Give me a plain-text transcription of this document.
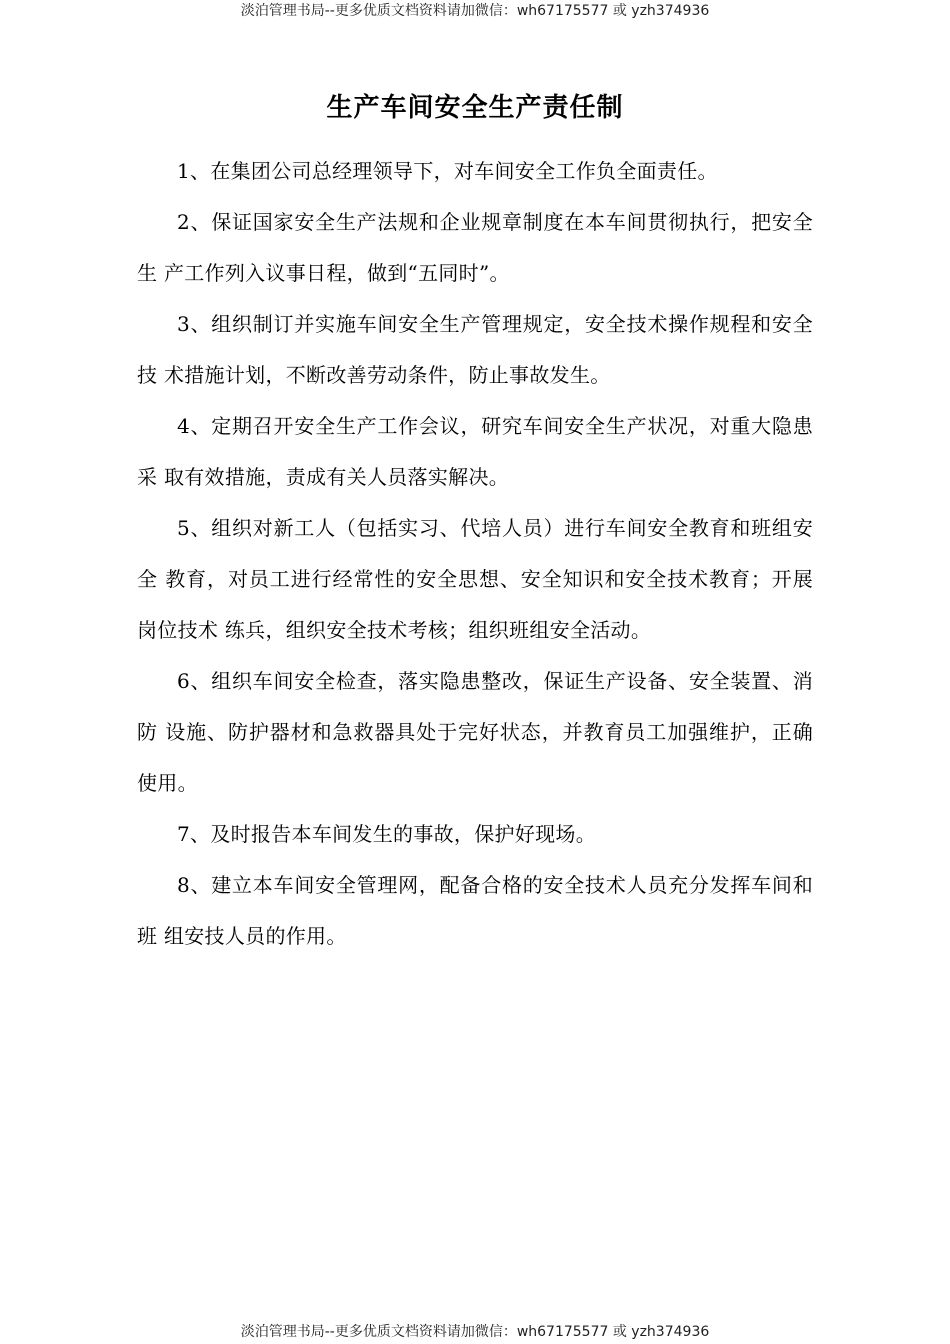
淡泊管理书局--更多优质文档资料请加微信：wh67175577 或 yzh374936
生产车间安全生产责任制

1、在集团公司总经理领导下，对车间安全工作负全面责任。

2、保证国家安全生产法规和企业规章制度在本车间贯彻执行，把安全生 产工作列入议事日程，做到“五同时”。

3、组织制订并实施车间安全生产管理规定，安全技术操作规程和安全技 术措施计划，不断改善劳动条件，防止事故发生。

4、定期召开安全生产工作会议，研究车间安全生产状况，对重大隐患采 取有效措施，责成有关人员落实解决。

5、组织对新工人（包括实习、代培人员）进行车间安全教育和班组安全 教育，对员工进行经常性的安全思想、安全知识和安全技术教育；开展岗位技术 练兵，组织安全技术考核；组织班组安全活动。

6、组织车间安全检查，落实隐患整改，保证生产设备、安全装置、消防 设施、防护器材和急救器具处于完好状态，并教育员工加强维护，正确使用。

7、及时报告本车间发生的事故，保护好现场。

8、建立本车间安全管理网，配备合格的安全技术人员充分发挥车间和班 组安技人员的作用。

淡泊管理书局--更多优质文档资料请加微信：wh67175577 或 yzh374936
